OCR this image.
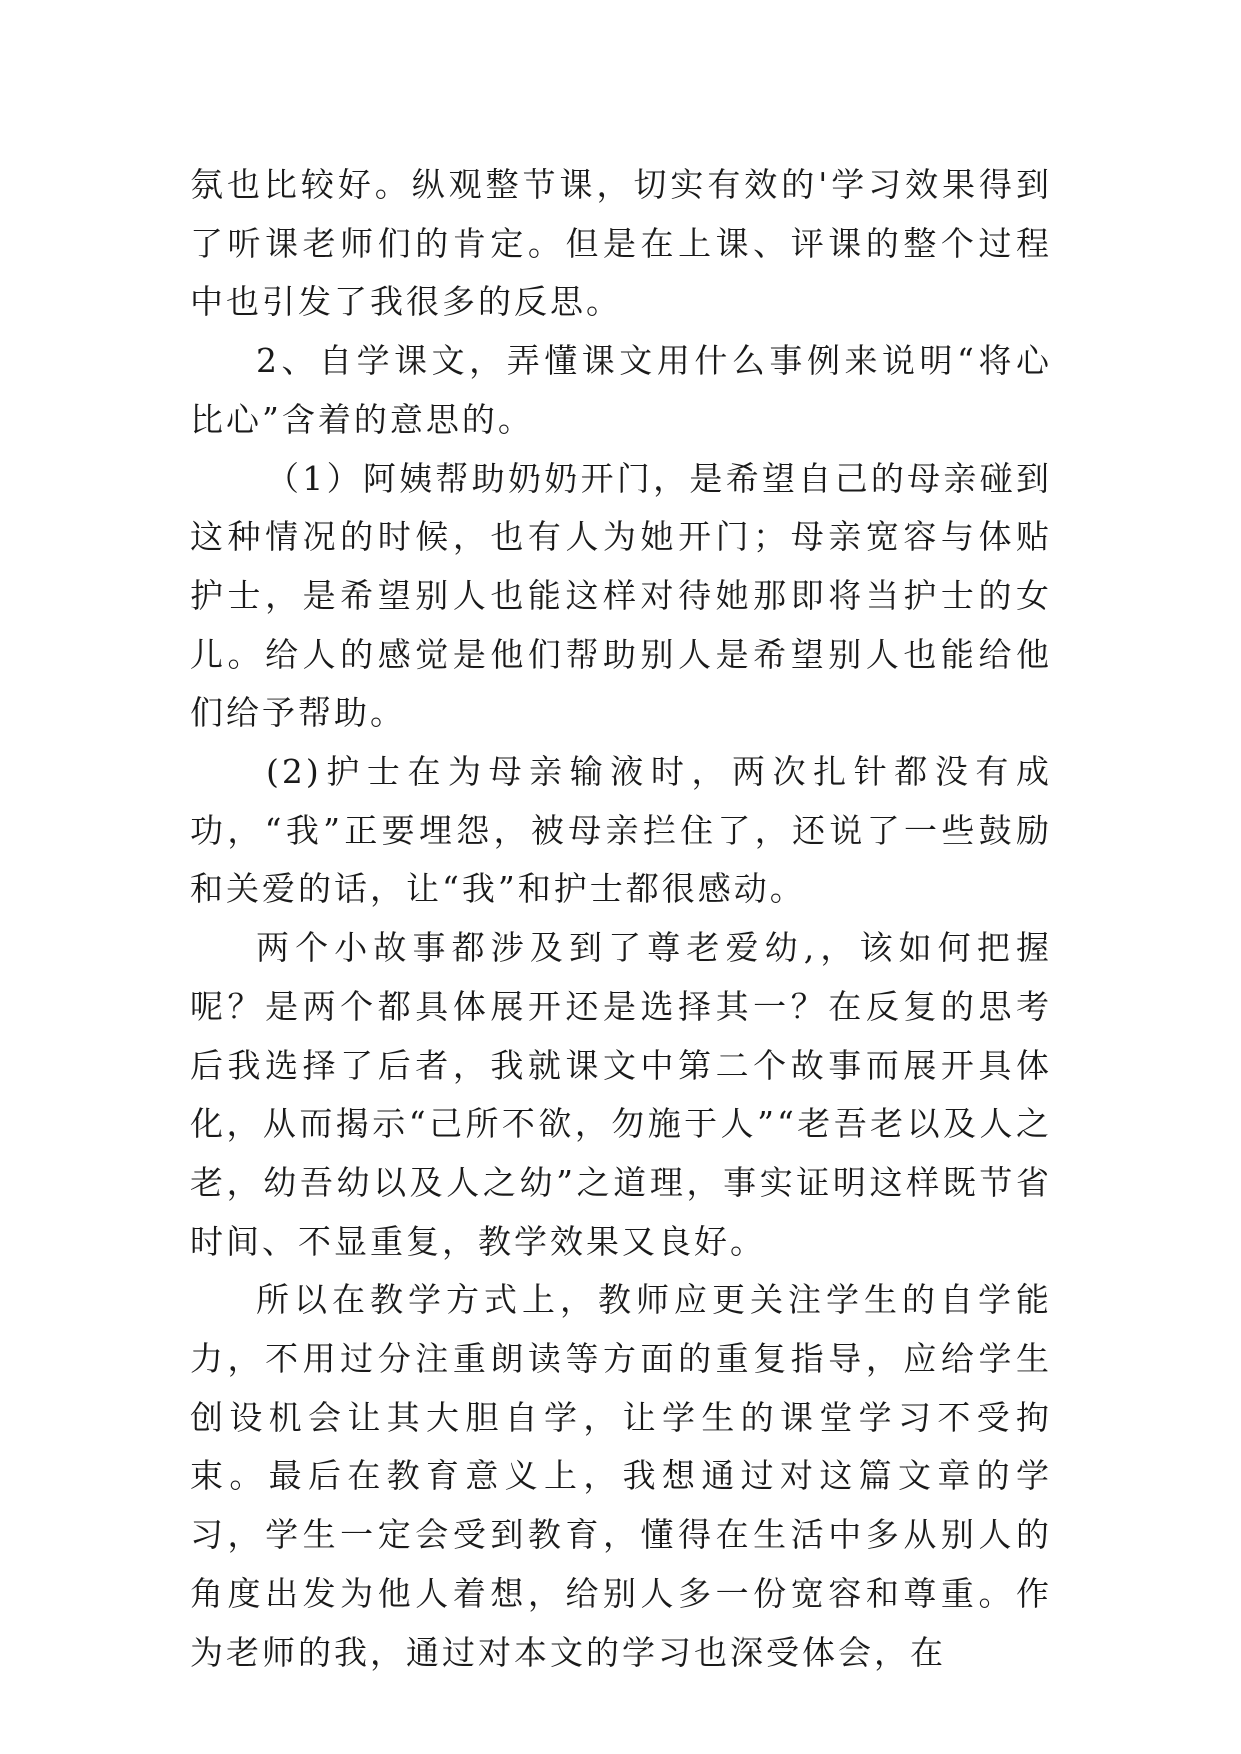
氛也比较好。纵观整节课，切实有效的'学习效果得到了听课老师们的肯定。但是在上课、评课的整个过程中也引发了我很多的反思。

2、自学课文，弄懂课文用什么事例来说明“将心比心”含着的意思的。

（1）阿姨帮助奶奶开门，是希望自己的母亲碰到这种情况的时候，也有人为她开门；母亲宽容与体贴护士，是希望别人也能这样对待她那即将当护士的女儿。给人的感觉是他们帮助别人是希望别人也能给他们给予帮助。

(2)护士在为母亲输液时，两次扎针都没有成功，“我”正要埋怨，被母亲拦住了，还说了一些鼓励和关爱的话，让“我”和护士都很感动。

两个小故事都涉及到了尊老爱幼,，该如何把握呢？是两个都具体展开还是选择其一？在反复的思考后我选择了后者，我就课文中第二个故事而展开具体化，从而揭示“己所不欲，勿施于人”“老吾老以及人之老，幼吾幼以及人之幼”之道理，事实证明这样既节省时间、不显重复，教学效果又良好。

所以在教学方式上，教师应更关注学生的自学能力，不用过分注重朗读等方面的重复指导，应给学生创设机会让其大胆自学，让学生的课堂学习不受拘束。最后在教育意义上，我想通过对这篇文章的学习，学生一定会受到教育，懂得在生活中多从别人的角度出发为他人着想，给别人多一份宽容和尊重。作为老师的我，通过对本文的学习也深受体会，在
